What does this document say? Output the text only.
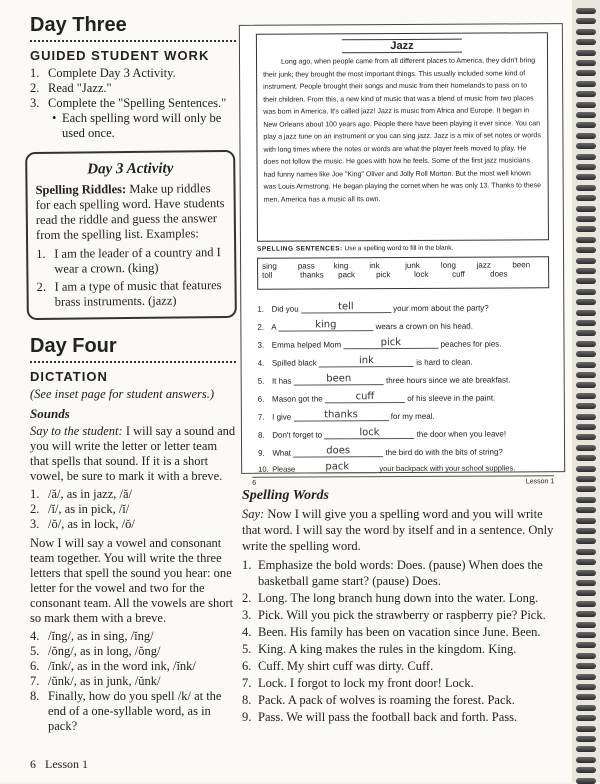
Day Three
GUIDED STUDENT WORK
1. Complete Day 3 Activity.
2. Read "Jazz."
3. Complete the "Spelling Sentences."
• Each spelling word will only be used once.
Day 3 Activity

Spelling Riddles: Make up riddles for each spelling word. Have students read the riddle and guess the answer from the spelling list. Examples:

1. I am the leader of a country and I wear a crown. (king)
2. I am a type of music that features brass instruments. (jazz)
Day Four
DICTATION
(See inset page for student answers.)
Sounds

Say to the student: I will say a sound and you will write the letter or letter team that spells that sound. If it is a short vowel, be sure to mark it with a breve.

1. /ă/, as in jazz, /ă/
2. /ĭ/, as in pick, /ĭ/
3. /ŏ/, as in lock, /ŏ/

Now I will say a vowel and consonant team together. You will write the three letters that spell the sound you hear: one letter for the vowel and two for the consonant team. All the vowels are short so mark them with a breve.

4. /ĭng/, as in sing, /ĭng/
5. /ŏng/, as in long, /ŏng/
6. /ĭnk/, as in the word ink, /ĭnk/
7. /ŭnk/, as in junk, /ŭnk/
8. Finally, how do you spell /k/ at the end of a one-syllable word, as in pack?
Jazz

Long ago, when people came from all different places to America, they didn't bring their junk; they brought the most important things. This usually included some kind of instrument. People brought their songs and music from their homelands to pass on to their children. From this, a new kind of music that was a blend of music from two places was born in America. It's called jazz! Jazz is music from Africa and Europe. It began in New Orleans about 100 years ago. People there have been playing it ever since. You can play a jazz tune on an instrument or you can sing jazz. Jazz is a mix of set notes or words with long times where the notes or words are what the player feels moved to play. He does not follow the music. He goes with how he feels. Some of the first jazz musicians had funny names like Joe "King" Oliver and Jolly Roll Morton. But the most well known was Louis Armstrong. He began playing the cornet when he was only 13. Thanks to these men, America has a music all its own.

SPELLING SENTENCES: Use a spelling word to fill in the blank.
sing	pass	king	ink	junk	long	jazz	been
toll	thanks	pack	pick	lock	cuff	does
1. Did you	tell	your mom about the party?
2. A	king	wears a crown on his head.
3. Emma helped Mom	pick	peaches for pies.
4. Spilled black	ink	is hard to clean.
5. It has	been	three hours since we ate breakfast.
6. Mason got the	cuff	of his sleeve in the paint.
7. I give	thanks	for my meal.
8. Don't forget to	lock	the door when you leave!
9. What	does	the bird do with the bits of string?
10. Please	pack	your backpack with your school supplies.
6	Lesson 1
Spelling Words

Say: Now I will give you a spelling word and you will write that word. I will say the word by itself and in a sentence. Only write the spelling word.

1. Emphasize the bold words: Does. (pause) When does the basketball game start? (pause) Does.
2. Long. The long branch hung down into the water. Long.
3. Pick. Will you pick the strawberry or raspberry pie? Pick.
4. Been. His family has been on vacation since June. Been.
5. King. A king makes the rules in the kingdom. King.
6. Cuff. My shirt cuff was dirty. Cuff.
7. Lock. I forgot to lock my front door! Lock.
8. Pack. A pack of wolves is roaming the forest. Pack.
9. Pass. We will pass the football back and forth. Pass.
6 Lesson 1
